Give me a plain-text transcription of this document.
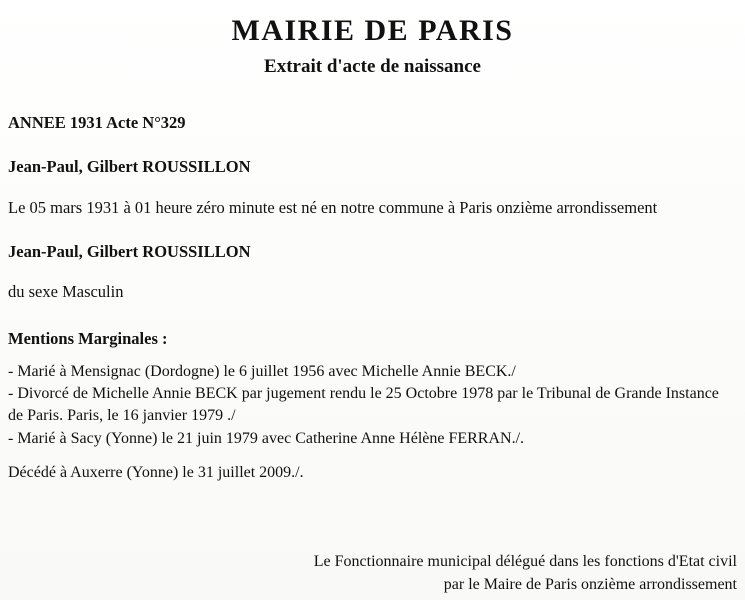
MAIRIE DE PARIS
Extrait d'acte de naissance
ANNEE 1931 Acte N°329
Jean-Paul, Gilbert ROUSSILLON
Le 05 mars 1931 à 01 heure zéro minute est né en notre commune à Paris onzième arrondissement
Jean-Paul, Gilbert ROUSSILLON
du sexe Masculin
Mentions Marginales :
- Marié à Mensignac (Dordogne) le 6 juillet 1956 avec Michelle Annie BECK./
- Divorcé de Michelle Annie BECK par jugement rendu le 25 Octobre 1978 par le Tribunal de Grande Instance de Paris. Paris, le 16 janvier 1979 ./
- Marié à Sacy (Yonne) le 21 juin 1979 avec Catherine Anne Hélène FERRAN./.
Décédé à Auxerre (Yonne) le 31 juillet 2009./.
Le Fonctionnaire municipal délégué dans les fonctions d'Etat civil
par le Maire de Paris onzième arrondissement
